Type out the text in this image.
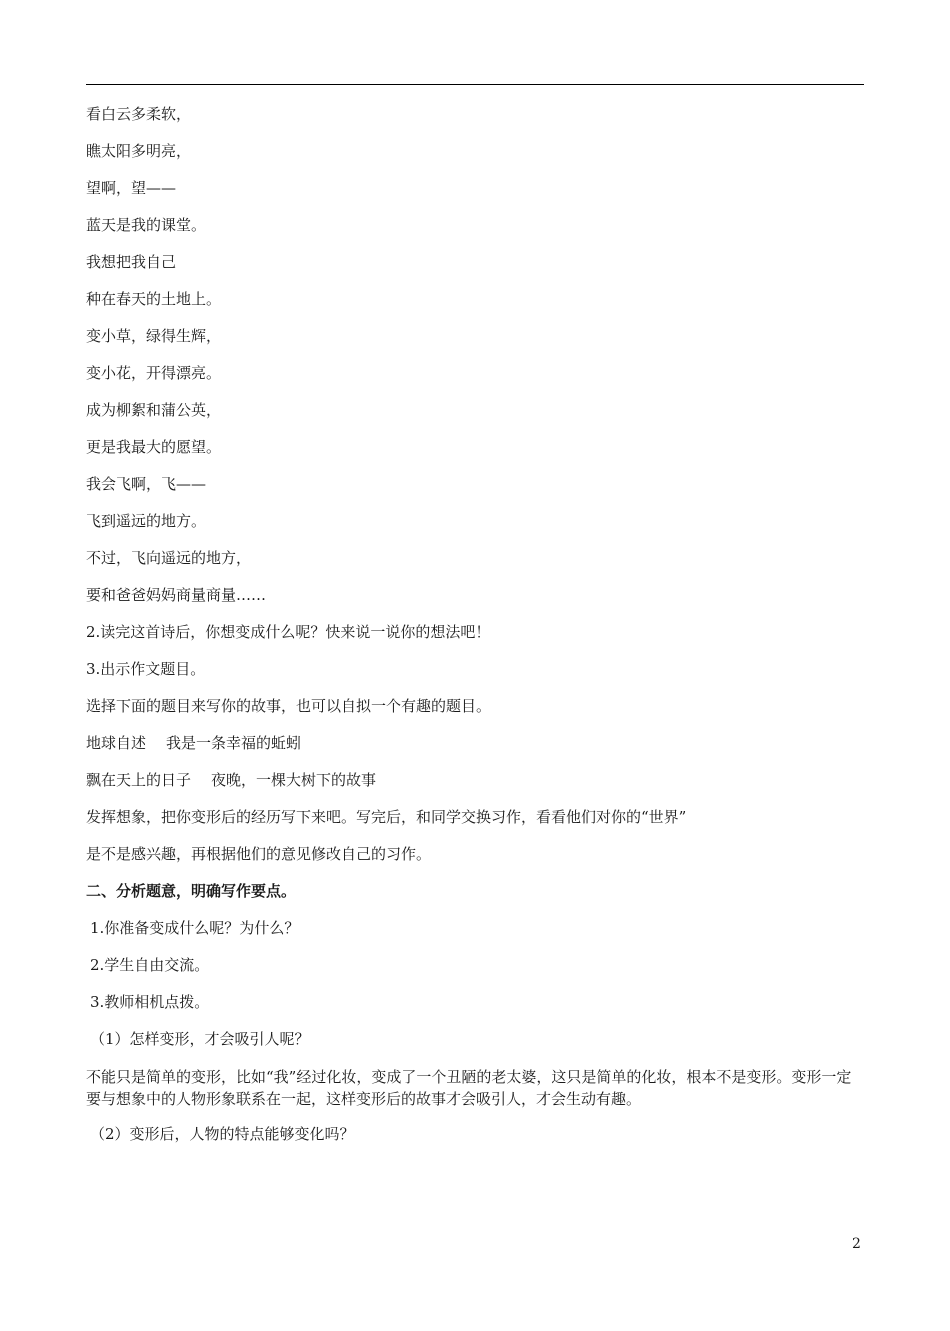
看白云多柔软，
瞧太阳多明亮，
望啊，望——
蓝天是我的课堂。
我想把我自己
种在春天的土地上。
变小草，绿得生辉，
变小花，开得漂亮。
成为柳絮和蒲公英，
更是我最大的愿望。
我会飞啊，飞——
飞到遥远的地方。
不过，飞向遥远的地方，
要和爸爸妈妈商量商量……
2.读完这首诗后，你想变成什么呢？快来说一说你的想法吧！
3.出示作文题目。
选择下面的题目来写你的故事，也可以自拟一个有趣的题目。
地球自述 我是一条幸福的蚯蚓
飘在天上的日子 夜晚，一棵大树下的故事
发挥想象，把你变形后的经历写下来吧。写完后，和同学交换习作，看看他们对你的“世界”
是不是感兴趣，再根据他们的意见修改自己的习作。
二、分析题意，明确写作要点。
1.你准备变成什么呢？为什么？
2.学生自由交流。
3.教师相机点拨。
（1）怎样变形，才会吸引人呢？
不能只是简单的变形，比如“我”经过化妆，变成了一个丑陋的老太婆，这只是简单的化妆，根本不是变形。变形一定要与想象中的人物形象联系在一起，这样变形后的故事才会吸引人，才会生动有趣。
（2）变形后，人物的特点能够变化吗？
2
